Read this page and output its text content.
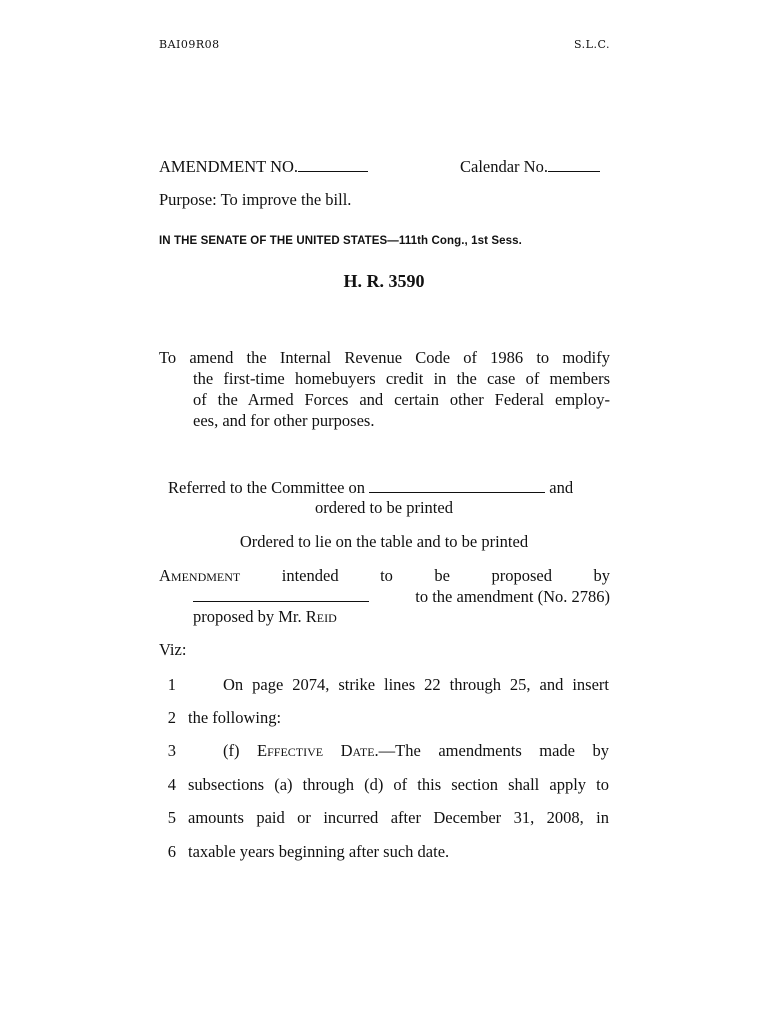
BAI09R08	S.L.C.
AMENDMENT NO.	Calendar No.
Purpose: To improve the bill.
IN THE SENATE OF THE UNITED STATES—111th Cong., 1st Sess.
H. R. 3590
To amend the Internal Revenue Code of 1986 to modify
the first-time homebuyers credit in the case of members
of the Armed Forces and certain other Federal employ-
ees, and for other purposes.
Referred to the Committee on	and
ordered to be printed
Ordered to lie on the table and to be printed
Amendment	intended	to	be	proposed	by
to the amendment (No. 2786)
proposed by Mr. Reid
Viz:
1	On page 2074, strike lines 22 through 25, and insert
2 the following:
3	(f) Effective Date.—The amendments made by
4 subsections (a) through (d) of this section shall apply to
5 amounts paid or incurred after December 31, 2008, in
6 taxable years beginning after such date.
